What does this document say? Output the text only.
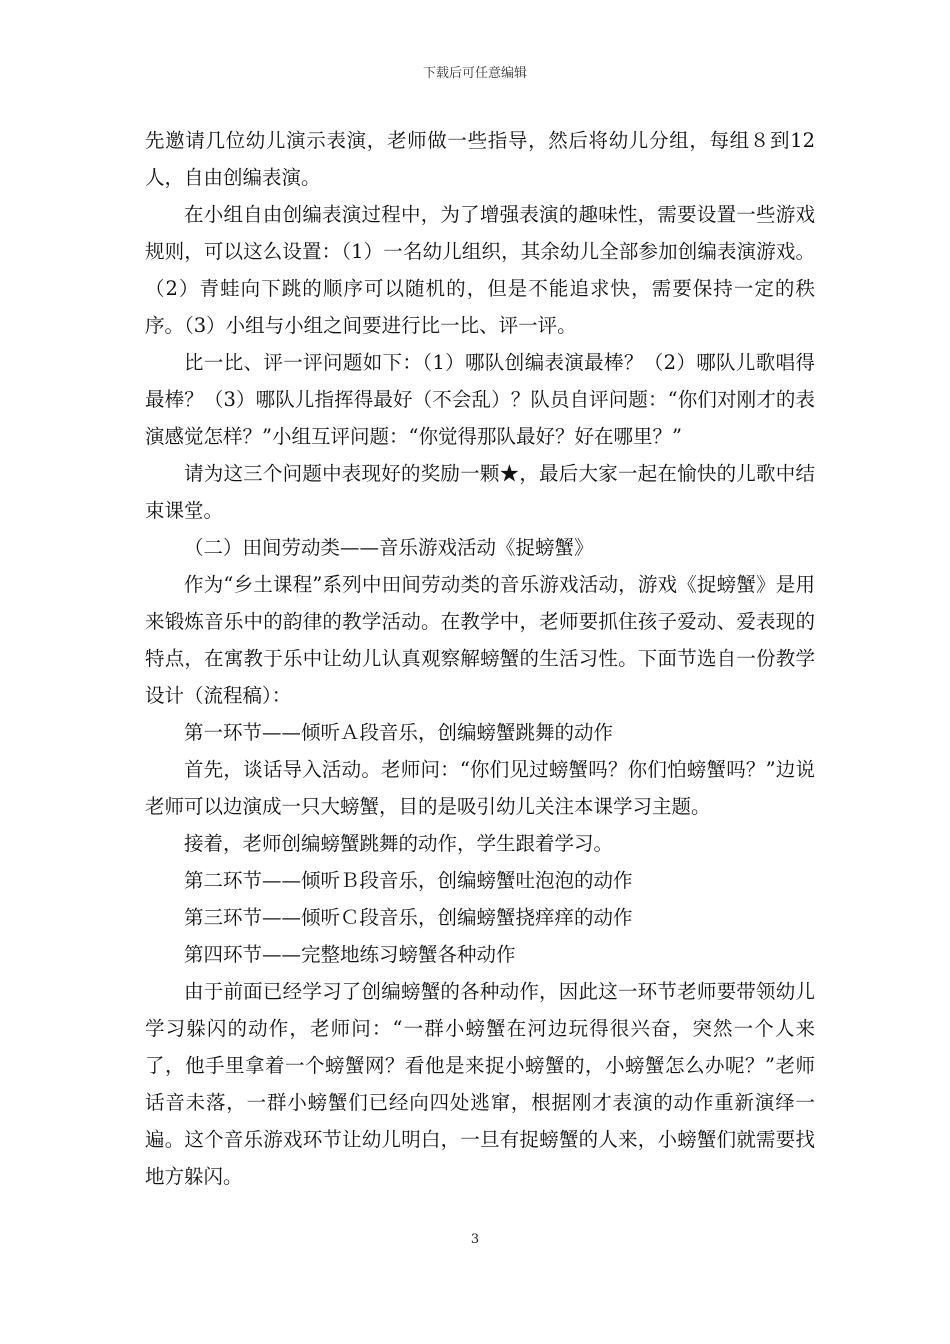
下载后可任意编辑

先邀请几位幼儿演示表演，老师做一些指导，然后将幼儿分组，每组８到12人，自由创编表演。

在小组自由创编表演过程中，为了增强表演的趣味性，需要设置一些游戏规则，可以这么设置：（1）一名幼儿组织，其余幼儿全部参加创编表演游戏。（2）青蛙向下跳的顺序可以随机的，但是不能追求快，需要保持一定的秩序。（3）小组与小组之间要进行比一比、评一评。

比一比、评一评问题如下：（1）哪队创编表演最棒？（2）哪队儿歌唱得最棒？（3）哪队儿指挥得最好（不会乱）？队员自评问题：“你们对刚才的表演感觉怎样？”小组互评问题：“你觉得那队最好？好在哪里？”

请为这三个问题中表现好的奖励一颗★，最后大家一起在愉快的儿歌中结束课堂。

（二）田间劳动类——音乐游戏活动《捉螃蟹》

作为“乡土课程”系列中田间劳动类的音乐游戏活动，游戏《捉螃蟹》是用来锻炼音乐中的韵律的教学活动。在教学中，老师要抓住孩子爱动、爱表现的特点，在寓教于乐中让幼儿认真观察解螃蟹的生活习性。下面节选自一份教学设计（流程稿）：

第一环节——倾听Ａ段音乐，创编螃蟹跳舞的动作

首先，谈话导入活动。老师问：“你们见过螃蟹吗？你们怕螃蟹吗？”边说老师可以边演成一只大螃蟹，目的是吸引幼儿关注本课学习主题。

接着，老师创编螃蟹跳舞的动作，学生跟着学习。

第二环节——倾听Ｂ段音乐，创编螃蟹吐泡泡的动作

第三环节——倾听Ｃ段音乐，创编螃蟹挠痒痒的动作

第四环节——完整地练习螃蟹各种动作

由于前面已经学习了创编螃蟹的各种动作，因此这一环节老师要带领幼儿学习躲闪的动作，老师问：“一群小螃蟹在河边玩得很兴奋，突然一个人来了，他手里拿着一个螃蟹网？看他是来捉小螃蟹的，小螃蟹怎么办呢？”老师话音未落，一群小螃蟹们已经向四处逃窜，根据刚才表演的动作重新演绎一遍。这个音乐游戏环节让幼儿明白，一旦有捉螃蟹的人来，小螃蟹们就需要找地方躲闪。

3
